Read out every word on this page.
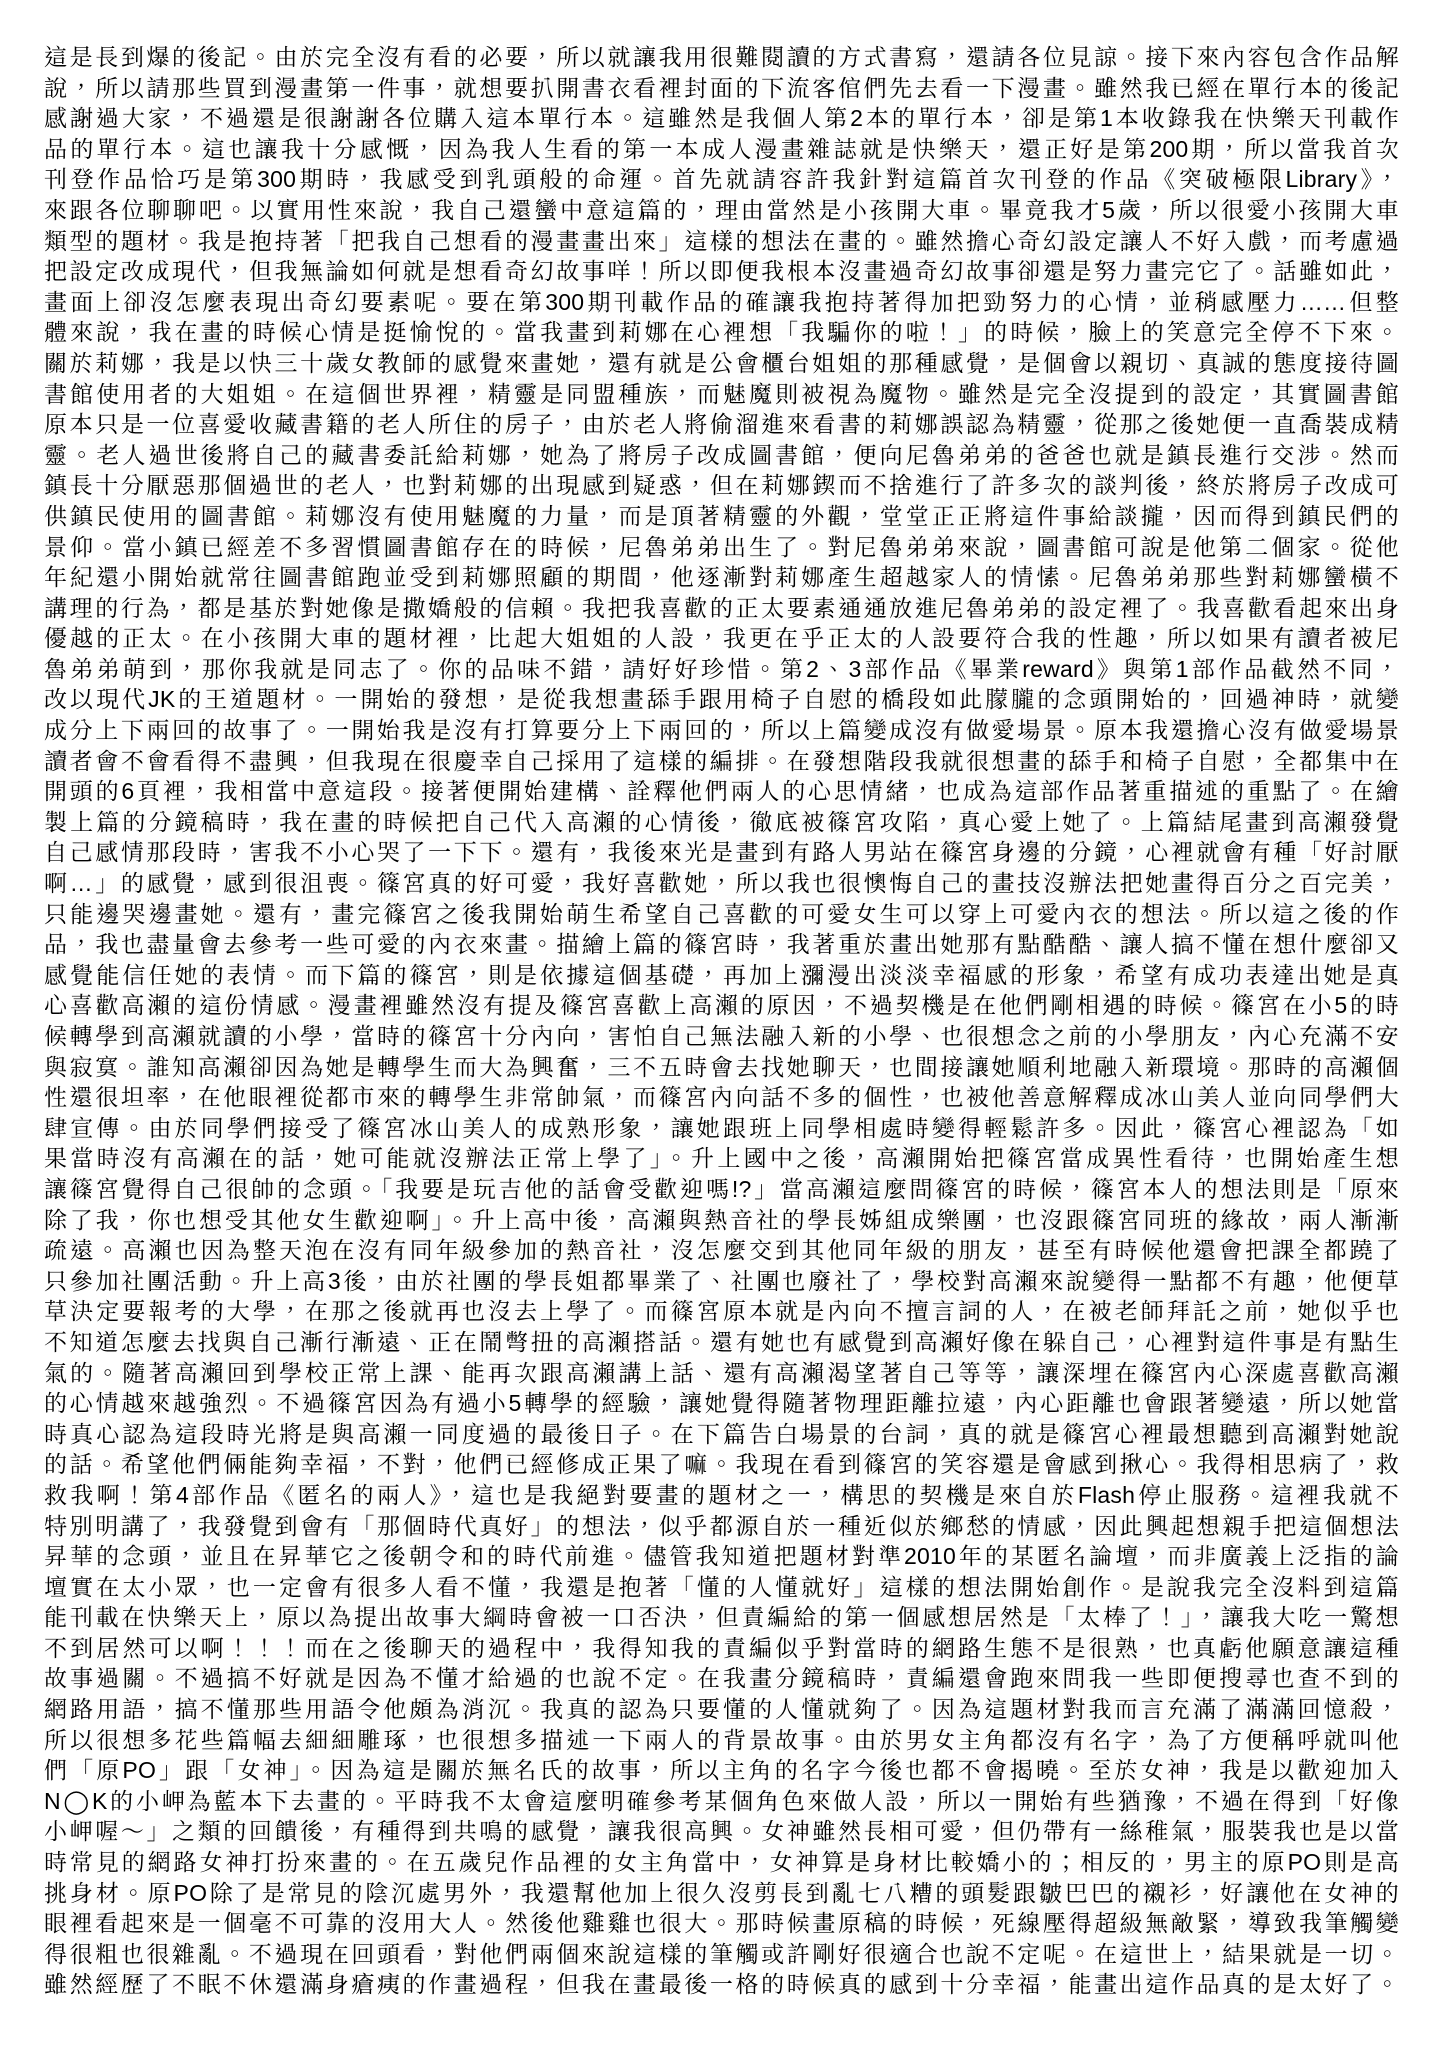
這是長到爆的後記。由於完全沒有看的必要，所以就讓我用很難閱讀的方式書寫，還請各位見諒。接下來內容包含作品解
說，所以請那些買到漫畫第一件事，就想要扒開書衣看裡封面的下流客倌們先去看一下漫畫。雖然我已經在單行本的後記
感謝過大家，不過還是很謝謝各位購入這本單行本。這雖然是我個人第2本的單行本，卻是第1本收錄我在快樂天刊載作
品的單行本。這也讓我十分感慨，因為我人生看的第一本成人漫畫雜誌就是快樂天，還正好是第200期，所以當我首次
刊登作品恰巧是第300期時，我感受到乳頭般的命運。首先就請容許我針對這篇首次刊登的作品《突破極限Library》，
來跟各位聊聊吧。以實用性來說，我自己還蠻中意這篇的，理由當然是小孩開大車。畢竟我才5歲，所以很愛小孩開大車
類型的題材。我是抱持著「把我自己想看的漫畫畫出來」這樣的想法在畫的。雖然擔心奇幻設定讓人不好入戲，而考慮過
把設定改成現代，但我無論如何就是想看奇幻故事咩！所以即便我根本沒畫過奇幻故事卻還是努力畫完它了。話雖如此，
畫面上卻沒怎麼表現出奇幻要素呢。要在第300期刊載作品的確讓我抱持著得加把勁努力的心情，並稍感壓力……但整
體來說，我在畫的時候心情是挺愉悅的。當我畫到莉娜在心裡想「我騙你的啦！」的時候，臉上的笑意完全停不下來。
關於莉娜，我是以快三十歲女教師的感覺來畫她，還有就是公會櫃台姐姐的那種感覺，是個會以親切、真誠的態度接待圖
書館使用者的大姐姐。在這個世界裡，精靈是同盟種族，而魅魔則被視為魔物。雖然是完全沒提到的設定，其實圖書館
原本只是一位喜愛收藏書籍的老人所住的房子，由於老人將偷溜進來看書的莉娜誤認為精靈，從那之後她便一直喬裝成精
靈。老人過世後將自己的藏書委託給莉娜，她為了將房子改成圖書館，便向尼魯弟弟的爸爸也就是鎮長進行交涉。然而
鎮長十分厭惡那個過世的老人，也對莉娜的出現感到疑惑，但在莉娜鍥而不捨進行了許多次的談判後，終於將房子改成可
供鎮民使用的圖書館。莉娜沒有使用魅魔的力量，而是頂著精靈的外觀，堂堂正正將這件事給談攏，因而得到鎮民們的
景仰。當小鎮已經差不多習慣圖書館存在的時候，尼魯弟弟出生了。對尼魯弟弟來說，圖書館可說是他第二個家。從他
年紀還小開始就常往圖書館跑並受到莉娜照顧的期間，他逐漸對莉娜產生超越家人的情愫。尼魯弟弟那些對莉娜蠻橫不
講理的行為，都是基於對她像是撒嬌般的信賴。我把我喜歡的正太要素通通放進尼魯弟弟的設定裡了。我喜歡看起來出身
優越的正太。在小孩開大車的題材裡，比起大姐姐的人設，我更在乎正太的人設要符合我的性趣，所以如果有讀者被尼
魯弟弟萌到，那你我就是同志了。你的品味不錯，請好好珍惜。第2、3部作品《畢業reward》與第1部作品截然不同，
改以現代JK的王道題材。一開始的發想，是從我想畫舔手跟用椅子自慰的橋段如此朦朧的念頭開始的，回過神時，就變
成分上下兩回的故事了。一開始我是沒有打算要分上下兩回的，所以上篇變成沒有做愛場景。原本我還擔心沒有做愛場景
讀者會不會看得不盡興，但我現在很慶幸自己採用了這樣的編排。在發想階段我就很想畫的舔手和椅子自慰，全都集中在
開頭的6頁裡，我相當中意這段。接著便開始建構、詮釋他們兩人的心思情緒，也成為這部作品著重描述的重點了。在繪
製上篇的分鏡稿時，我在畫的時候把自己代入高瀨的心情後，徹底被篠宮攻陷，真心愛上她了。上篇結尾畫到高瀨發覺
自己感情那段時，害我不小心哭了一下下。還有，我後來光是畫到有路人男站在篠宮身邊的分鏡，心裡就會有種「好討厭
啊…」的感覺，感到很沮喪。篠宮真的好可愛，我好喜歡她，所以我也很懊悔自己的畫技沒辦法把她畫得百分之百完美，
只能邊哭邊畫她。還有，畫完篠宮之後我開始萌生希望自己喜歡的可愛女生可以穿上可愛內衣的想法。所以這之後的作
品，我也盡量會去參考一些可愛的內衣來畫。描繪上篇的篠宮時，我著重於畫出她那有點酷酷、讓人搞不懂在想什麼卻又
感覺能信任她的表情。而下篇的篠宮，則是依據這個基礎，再加上瀰漫出淡淡幸福感的形象，希望有成功表達出她是真
心喜歡高瀨的這份情感。漫畫裡雖然沒有提及篠宮喜歡上高瀨的原因，不過契機是在他們剛相遇的時候。篠宮在小5的時
候轉學到高瀨就讀的小學，當時的篠宮十分內向，害怕自己無法融入新的小學、也很想念之前的小學朋友，內心充滿不安
與寂寞。誰知高瀨卻因為她是轉學生而大為興奮，三不五時會去找她聊天，也間接讓她順利地融入新環境。那時的高瀨個
性還很坦率，在他眼裡從都市來的轉學生非常帥氣，而篠宮內向話不多的個性，也被他善意解釋成冰山美人並向同學們大
肆宣傳。由於同學們接受了篠宮冰山美人的成熟形象，讓她跟班上同學相處時變得輕鬆許多。因此，篠宮心裡認為「如
果當時沒有高瀨在的話，她可能就沒辦法正常上學了」。升上國中之後，高瀨開始把篠宮當成異性看待，也開始產生想
讓篠宮覺得自己很帥的念頭。「我要是玩吉他的話會受歡迎嗎!?」當高瀨這麼問篠宮的時候，篠宮本人的想法則是「原來
除了我，你也想受其他女生歡迎啊」。升上高中後，高瀨與熱音社的學長姊組成樂團，也沒跟篠宮同班的緣故，兩人漸漸
疏遠。高瀨也因為整天泡在沒有同年級參加的熱音社，沒怎麼交到其他同年級的朋友，甚至有時候他還會把課全都蹺了
只參加社團活動。升上高3後，由於社團的學長姐都畢業了、社團也廢社了，學校對高瀨來說變得一點都不有趣，他便草
草決定要報考的大學，在那之後就再也沒去上學了。而篠宮原本就是內向不擅言詞的人，在被老師拜託之前，她似乎也
不知道怎麼去找與自己漸行漸遠、正在鬧彆扭的高瀨搭話。還有她也有感覺到高瀨好像在躲自己，心裡對這件事是有點生
氣的。隨著高瀨回到學校正常上課、能再次跟高瀨講上話、還有高瀨渴望著自己等等，讓深埋在篠宮內心深處喜歡高瀨
的心情越來越強烈。不過篠宮因為有過小5轉學的經驗，讓她覺得隨著物理距離拉遠，內心距離也會跟著變遠，所以她當
時真心認為這段時光將是與高瀨一同度過的最後日子。在下篇告白場景的台詞，真的就是篠宮心裡最想聽到高瀨對她說
的話。希望他們倆能夠幸福，不對，他們已經修成正果了嘛。我現在看到篠宮的笑容還是會感到揪心。我得相思病了，救
救我啊！第4部作品《匿名的兩人》，這也是我絕對要畫的題材之一，構思的契機是來自於Flash停止服務。這裡我就不
特別明講了，我發覺到會有「那個時代真好」的想法，似乎都源自於一種近似於鄉愁的情感，因此興起想親手把這個想法
昇華的念頭，並且在昇華它之後朝令和的時代前進。儘管我知道把題材對準2010年的某匿名論壇，而非廣義上泛指的論
壇實在太小眾，也一定會有很多人看不懂，我還是抱著「懂的人懂就好」這樣的想法開始創作。是說我完全沒料到這篇
能刊載在快樂天上，原以為提出故事大綱時會被一口否決，但責編給的第一個感想居然是「太棒了！」，讓我大吃一驚想
不到居然可以啊！！！而在之後聊天的過程中，我得知我的責編似乎對當時的網路生態不是很熟，也真虧他願意讓這種
故事過關。不過搞不好就是因為不懂才給過的也說不定。在我畫分鏡稿時，責編還會跑來問我一些即便搜尋也查不到的
網路用語，搞不懂那些用語令他頗為消沉。我真的認為只要懂的人懂就夠了。因為這題材對我而言充滿了滿滿回憶殺，
所以很想多花些篇幅去細細雕琢，也很想多描述一下兩人的背景故事。由於男女主角都沒有名字，為了方便稱呼就叫他
們「原PO」跟「女神」。因為這是關於無名氏的故事，所以主角的名字今後也都不會揭曉。至於女神，我是以歡迎加入
N◯K的小岬為藍本下去畫的。平時我不太會這麼明確參考某個角色來做人設，所以一開始有些猶豫，不過在得到「好像
小岬喔～」之類的回饋後，有種得到共鳴的感覺，讓我很高興。女神雖然長相可愛，但仍帶有一絲稚氣，服裝我也是以當
時常見的網路女神打扮來畫的。在五歲兒作品裡的女主角當中，女神算是身材比較嬌小的；相反的，男主的原PO則是高
挑身材。原PO除了是常見的陰沉處男外，我還幫他加上很久沒剪長到亂七八糟的頭髮跟皺巴巴的襯衫，好讓他在女神的
眼裡看起來是一個毫不可靠的沒用大人。然後他雞雞也很大。那時候畫原稿的時候，死線壓得超級無敵緊，導致我筆觸變
得很粗也很雜亂。不過現在回頭看，對他們兩個來說這樣的筆觸或許剛好很適合也說不定呢。在這世上，結果就是一切。
雖然經歷了不眠不休還滿身瘡痍的作畫過程，但我在畫最後一格的時候真的感到十分幸福，能畫出這作品真的是太好了。
